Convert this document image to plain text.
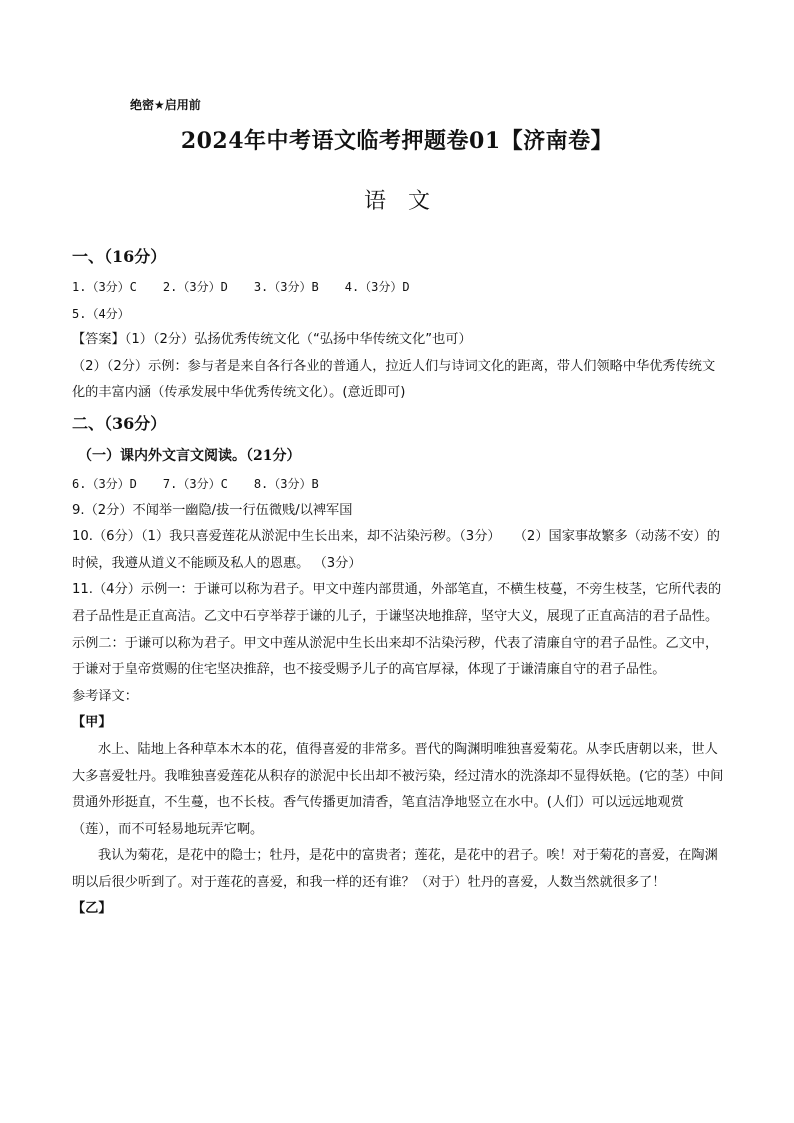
绝密★启用前
2024年中考语文临考押题卷01【济南卷】
语文

一、（16分）

1.（3分）C 2.（3分）D 3.（3分）B 4.（3分）D

5.（4分）

【答案】（1）（2分）弘扬优秀传统文化（“弘扬中华传统文化”也可）

（2）（2分）示例：参与者是来自各行各业的普通人，拉近人们与诗词文化的距离，带人们领略中华优秀传统文化的丰富内涵（传承发展中华优秀传统文化）。(意近即可)

二、（36分）

（一）课内外文言文阅读。（21分）

6.（3分）D 7.（3分）C 8.（3分）B

9.（2分）不闻举一幽隐/拔一行伍微贱/以裨军国

10.（6分）（1）我只喜爱莲花从淤泥中生长出来，却不沾染污秽。（3分）　　（2）国家事故繁多（动荡不安）的时候，我遵从道义不能顾及私人的恩惠。 （3分）

11.（4分）示例一：于谦可以称为君子。甲文中莲内部贯通，外部笔直，不横生枝蔓，不旁生枝茎，它所代表的君子品性是正直高洁。乙文中石亨举荐于谦的儿子，于谦坚决地推辞，坚守大义，展现了正直高洁的君子品性。

示例二：于谦可以称为君子。甲文中莲从淤泥中生长出来却不沾染污秽，代表了清廉自守的君子品性。乙文中，于谦对于皇帝赏赐的住宅坚决推辞，也不接受赐予儿子的高官厚禄，体现了于谦清廉自守的君子品性。

参考译文：

【甲】

水上、陆地上各种草本木本的花，值得喜爱的非常多。晋代的陶渊明唯独喜爱菊花。从李氏唐朝以来，世人大多喜爱牡丹。我唯独喜爱莲花从积存的淤泥中长出却不被污染，经过清水的洗涤却不显得妖艳。(它的茎）中间贯通外形挺直，不生蔓，也不长枝。香气传播更加清香，笔直洁净地竖立在水中。(人们）可以远远地观赏（莲），而不可轻易地玩弄它啊。

我认为菊花，是花中的隐士；牡丹，是花中的富贵者；莲花，是花中的君子。唉！对于菊花的喜爱，在陶渊明以后很少听到了。对于莲花的喜爱，和我一样的还有谁？（对于）牡丹的喜爱，人数当然就很多了！

【乙】
